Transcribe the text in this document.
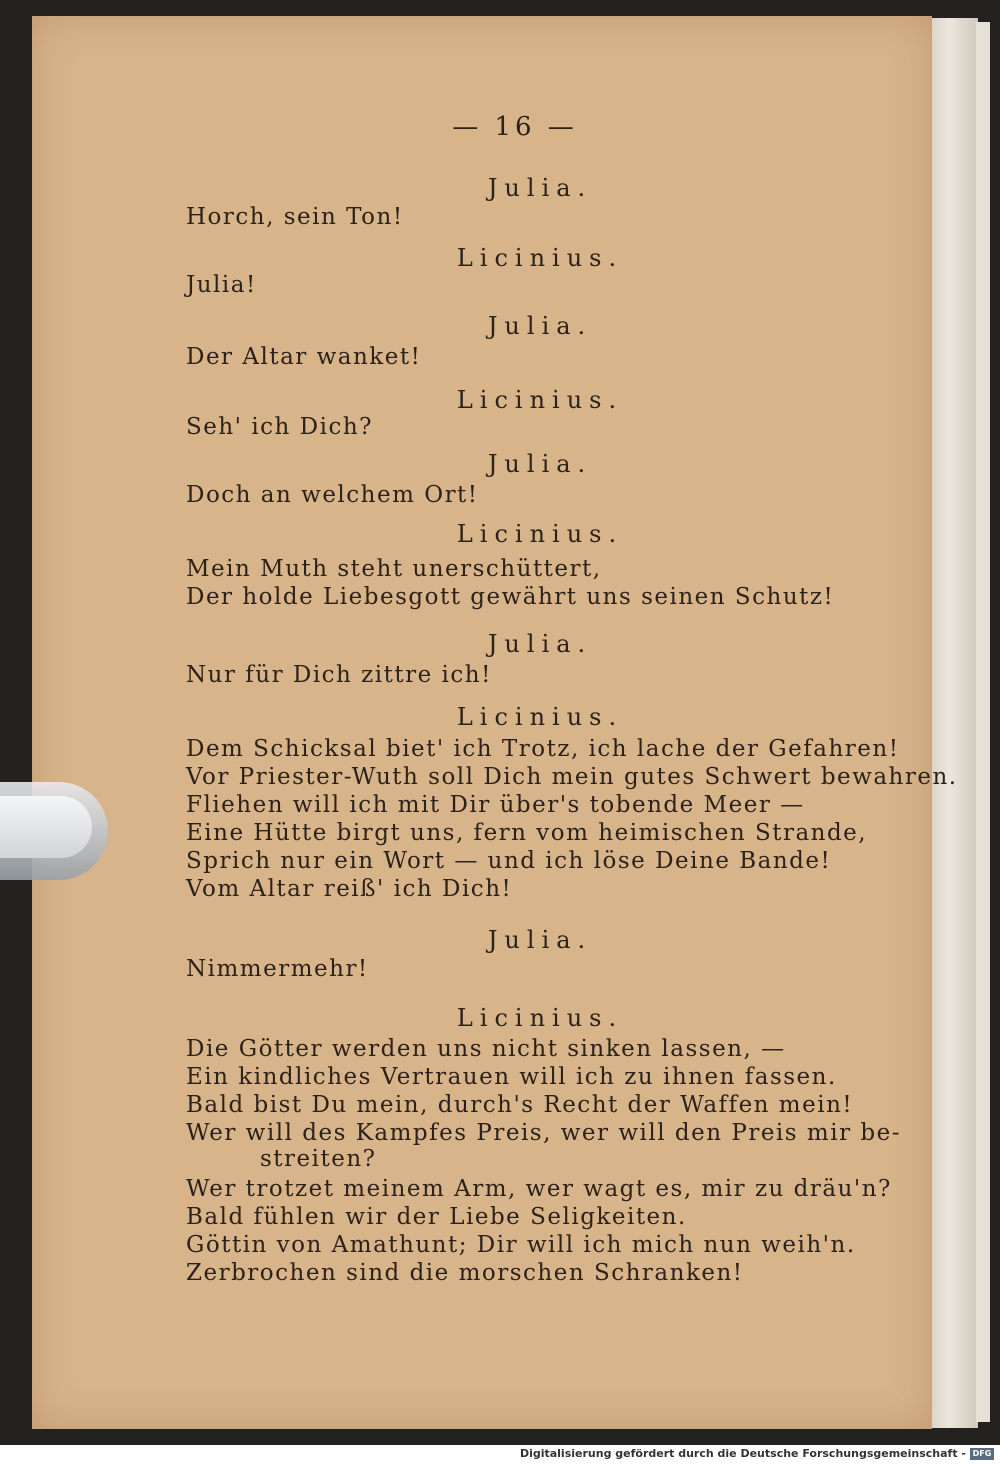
— 16 —
Julia.
Horch, sein Ton!
Licinius.
Julia!
Julia.
Der Altar wanket!
Licinius.
Seh' ich Dich?
Julia.
Doch an welchem Ort!
Licinius.
Mein Muth steht unerschüttert,
Der holde Liebesgott gewährt uns seinen Schutz!
Julia.
Nur für Dich zittre ich!
Licinius.
Dem Schicksal biet' ich Trotz, ich lache der Gefahren!
Vor Priester-Wuth soll Dich mein gutes Schwert bewahren.
Fliehen will ich mit Dir über's tobende Meer —
Eine Hütte birgt uns, fern vom heimischen Strande,
Sprich nur ein Wort — und ich löse Deine Bande!
Vom Altar reiß' ich Dich!
Julia.
Nimmermehr!
Licinius.
Die Götter werden uns nicht sinken lassen, —
Ein kindliches Vertrauen will ich zu ihnen fassen.
Bald bist Du mein, durch's Recht der Waffen mein!
Wer will des Kampfes Preis, wer will den Preis mir be-
streiten?
Wer trotzet meinem Arm, wer wagt es, mir zu dräu'n?
Bald fühlen wir der Liebe Seligkeiten.
Göttin von Amathunt; Dir will ich mich nun weih'n.
Zerbrochen sind die morschen Schranken!
Digitalisierung gefördert durch die Deutsche Forschungsgemeinschaft - DFG
